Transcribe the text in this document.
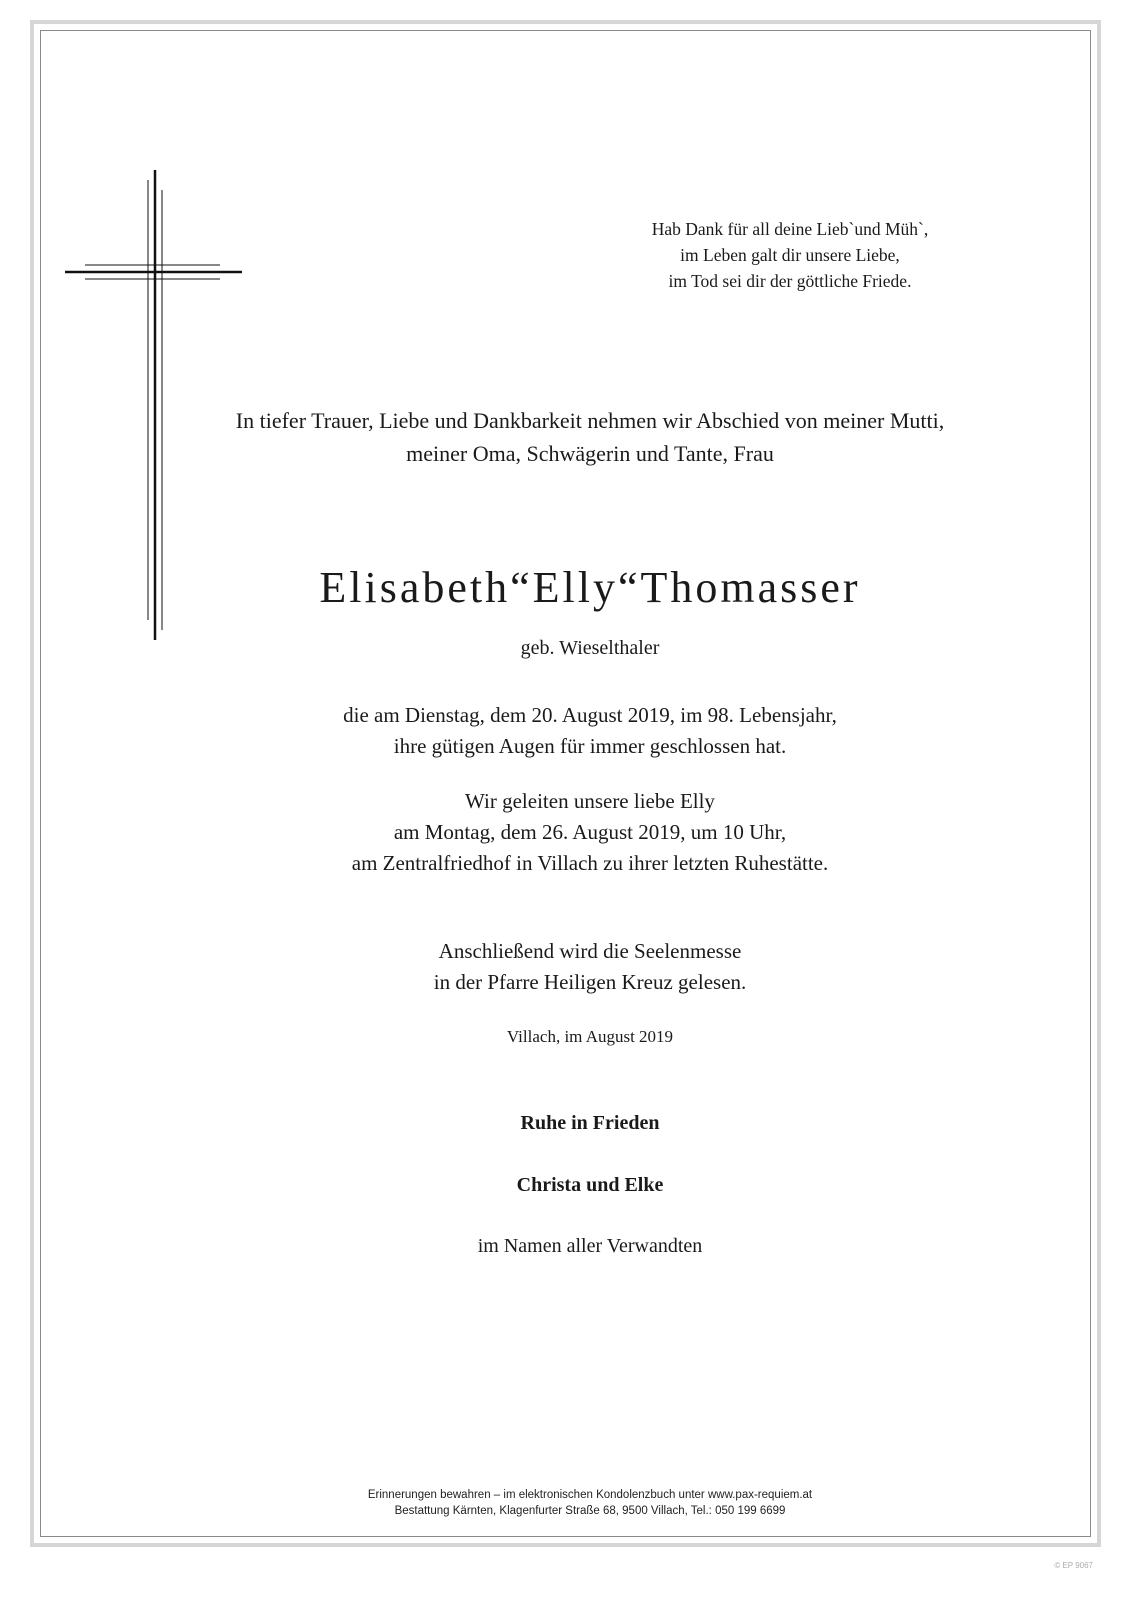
Hab Dank für all deine Lieb`und Müh`,
im Leben galt dir unsere Liebe,
im Tod sei dir der göttliche Friede.
In tiefer Trauer, Liebe und Dankbarkeit nehmen wir Abschied von meiner Mutti,
meiner Oma, Schwägerin und Tante, Frau
Elisabeth“Elly“Thomasser
geb. Wieselthaler
die am Dienstag, dem 20. August 2019, im 98. Lebensjahr,
ihre gütigen Augen für immer geschlossen hat.
Wir geleiten unsere liebe Elly
am Montag, dem 26. August 2019, um 10 Uhr,
am Zentralfriedhof in Villach zu ihrer letzten Ruhestätte.
Anschließend wird die Seelenmesse
in der Pfarre Heiligen Kreuz gelesen.
Villach, im August 2019
Ruhe in Frieden
Christa und Elke
im Namen aller Verwandten
Erinnerungen bewahren – im elektronischen Kondolenzbuch unter www.pax-requiem.at
Bestattung Kärnten, Klagenfurter Straße 68, 9500 Villach, Tel.: 050 199 6699
© EP 9067
